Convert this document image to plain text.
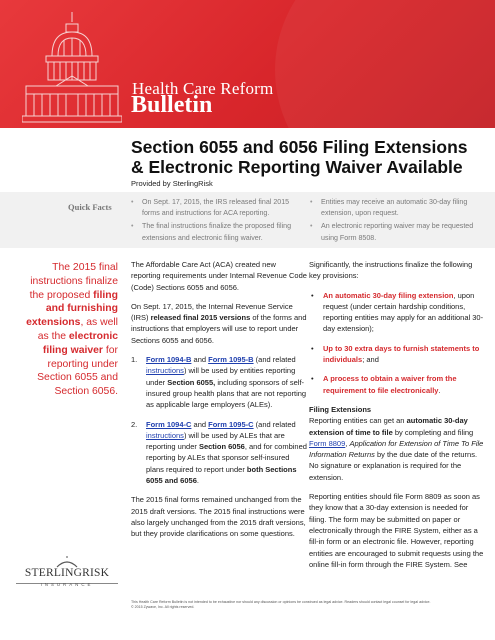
Health Care Reform
Bulletin
Section 6055 and 6056 Filing Extensions & Electronic Reporting Waiver Available
Provided by SterlingRisk
Quick Facts
•	On Sept. 17, 2015, the IRS released final 2015 forms and instructions for ACA reporting.
• The final instructions finalize the proposed filing extensions and electronic filing waiver.
• Entities may receive an automatic 30-day filing extension, upon request.
• An electronic reporting waiver may be requested using Form 8508.
The 2015 final instructions finalize the proposed filing and furnishing extensions, as well as the electronic filing waiver for reporting under Section 6055 and Section 6056.
STERLINGRISK
INSURANCE

The Affordable Care Act (ACA) created new reporting requirements under Internal Revenue Code (Code) Sections 6055 and 6056.

On Sept. 17, 2015, the Internal Revenue Service (IRS) released final 2015 versions of the forms and instructions that employers will use to report under Sections 6055 and 6056.

1. Form 1094-B and Form 1095-B (and related instructions) will be used by entities reporting under Section 6055, including sponsors of self-insured group health plans that are not reporting as applicable large employers (ALEs).
2. Form 1094-C and Form 1095-C (and related instructions) will be used by ALEs that are reporting under Section 6056, and for combined reporting by ALEs that sponsor self-insured plans required to report under both Sections 6055 and 6056.

The 2015 final forms remained unchanged from the 2015 draft versions. The 2015 final instructions were also largely unchanged from the 2015 draft versions, but they provide clarifications on some questions.

Significantly, the instructions finalize the following key provisions:

• An automatic 30-day filing extension, upon request (under certain hardship conditions, reporting entities may apply for an additional 30-day extension);
• Up to 30 extra days to furnish statements to individuals; and
• A process to obtain a waiver from the requirement to file electronically.
Filing Extensions

Reporting entities can get an automatic 30-day extension of time to file by completing and filing Form 8809, Application for Extension of Time To File Information Returns by the due date of the returns. No signature or explanation is required for the extension.

Reporting entities should file Form 8809 as soon as they know that a 30-day extension is needed for filing. The form may be submitted on paper or electronically through the FIRE System, either as a fill-in form or an electronic file. However, reporting entities are encouraged to submit requests using the online fill-in form through the FIRE System. See

This Health Care Reform Bulletin is not intended to be exhaustive nor should any discussion or opinions be construed as legal advice. Readers should contact legal counsel for legal advice.
© 2015 Zywave, Inc. All rights reserved.
